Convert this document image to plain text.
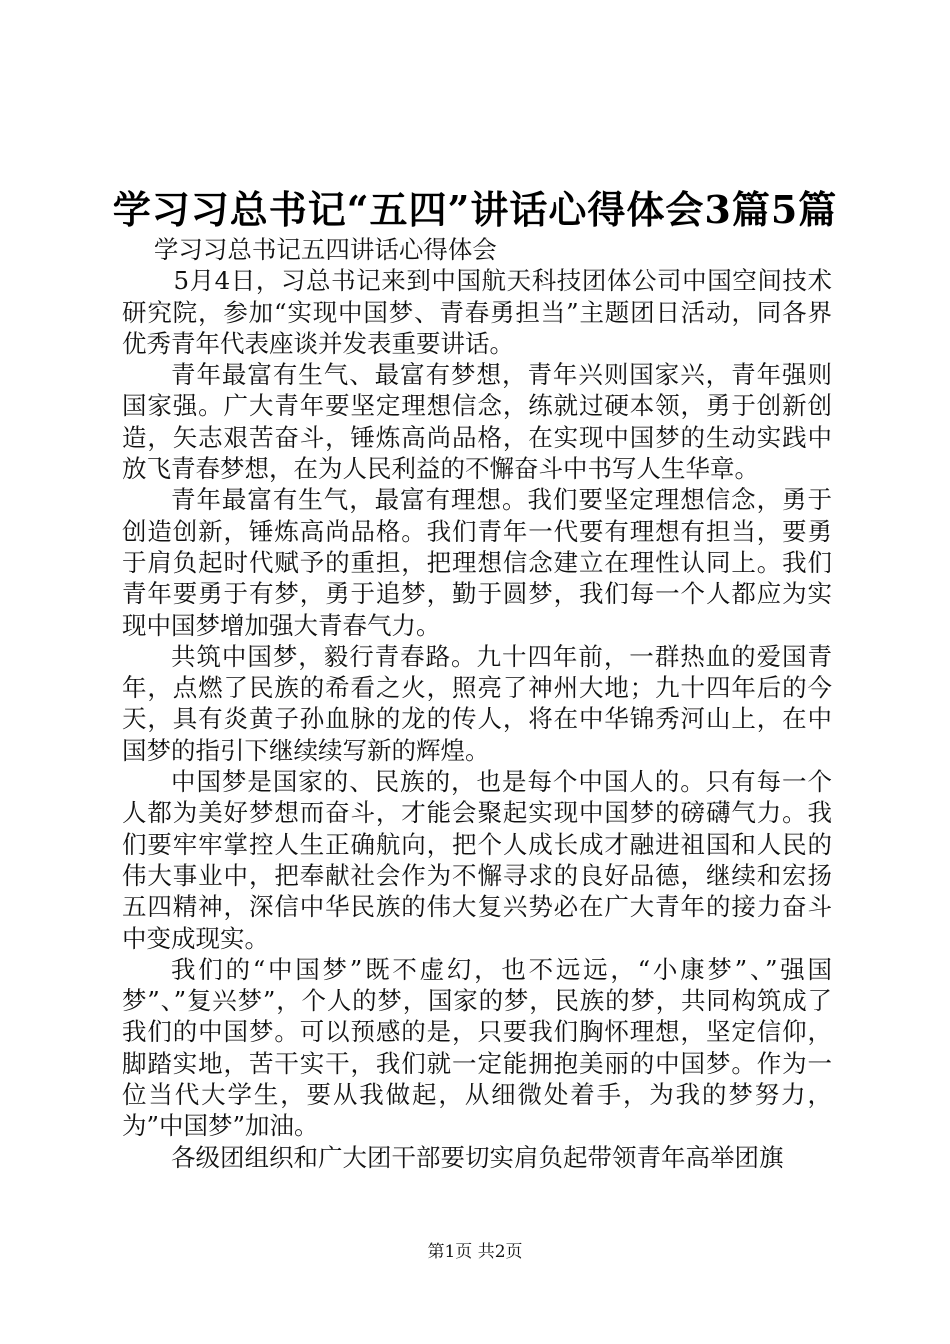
学习习总书记“五四”讲话心得体会3篇5篇

学习习总书记五四讲话心得体会

5月4日，习总书记来到中国航天科技团体公司中国空间技术研究院，参加“实现中国梦、青春勇担当”主题团日活动，同各界优秀青年代表座谈并发表重要讲话。

青年最富有生气、最富有梦想，青年兴则国家兴，青年强则国家强。广大青年要坚定理想信念，练就过硬本领，勇于创新创造，矢志艰苦奋斗，锤炼高尚品格，在实现中国梦的生动实践中放飞青春梦想，在为人民利益的不懈奋斗中书写人生华章。

青年最富有生气，最富有理想。我们要坚定理想信念，勇于创造创新，锤炼高尚品格。我们青年一代要有理想有担当，要勇于肩负起时代赋予的重担，把理想信念建立在理性认同上。我们青年要勇于有梦，勇于追梦，勤于圆梦，我们每一个人都应为实现中国梦增加强大青春气力。

共筑中国梦，毅行青春路。九十四年前，一群热血的爱国青年，点燃了民族的希看之火，照亮了神州大地；九十四年后的今天，具有炎黄子孙血脉的龙的传人，将在中华锦秀河山上，在中国梦的指引下继续续写新的辉煌。

中国梦是国家的、民族的，也是每个中国人的。只有每一个人都为美好梦想而奋斗，才能会聚起实现中国梦的磅礴气力。我们要牢牢掌控人生正确航向，把个人成长成才融进祖国和人民的伟大事业中，把奉献社会作为不懈寻求的良好品德，继续和宏扬五四精神，深信中华民族的伟大复兴势必在广大青年的接力奋斗中变成现实。

我们的“中国梦”既不虚幻，也不远远，“小康梦”、”强国梦”、”复兴梦”，个人的梦，国家的梦，民族的梦，共同构筑成了我们的中国梦。可以预感的是，只要我们胸怀理想，坚定信仰，脚踏实地，苦干实干，我们就一定能拥抱美丽的中国梦。作为一位当代大学生，要从我做起，从细微处着手，为我的梦努力，为”中国梦”加油。

各级团组织和广大团干部要切实肩负起带领青年高举团旗

第1页 共2页
